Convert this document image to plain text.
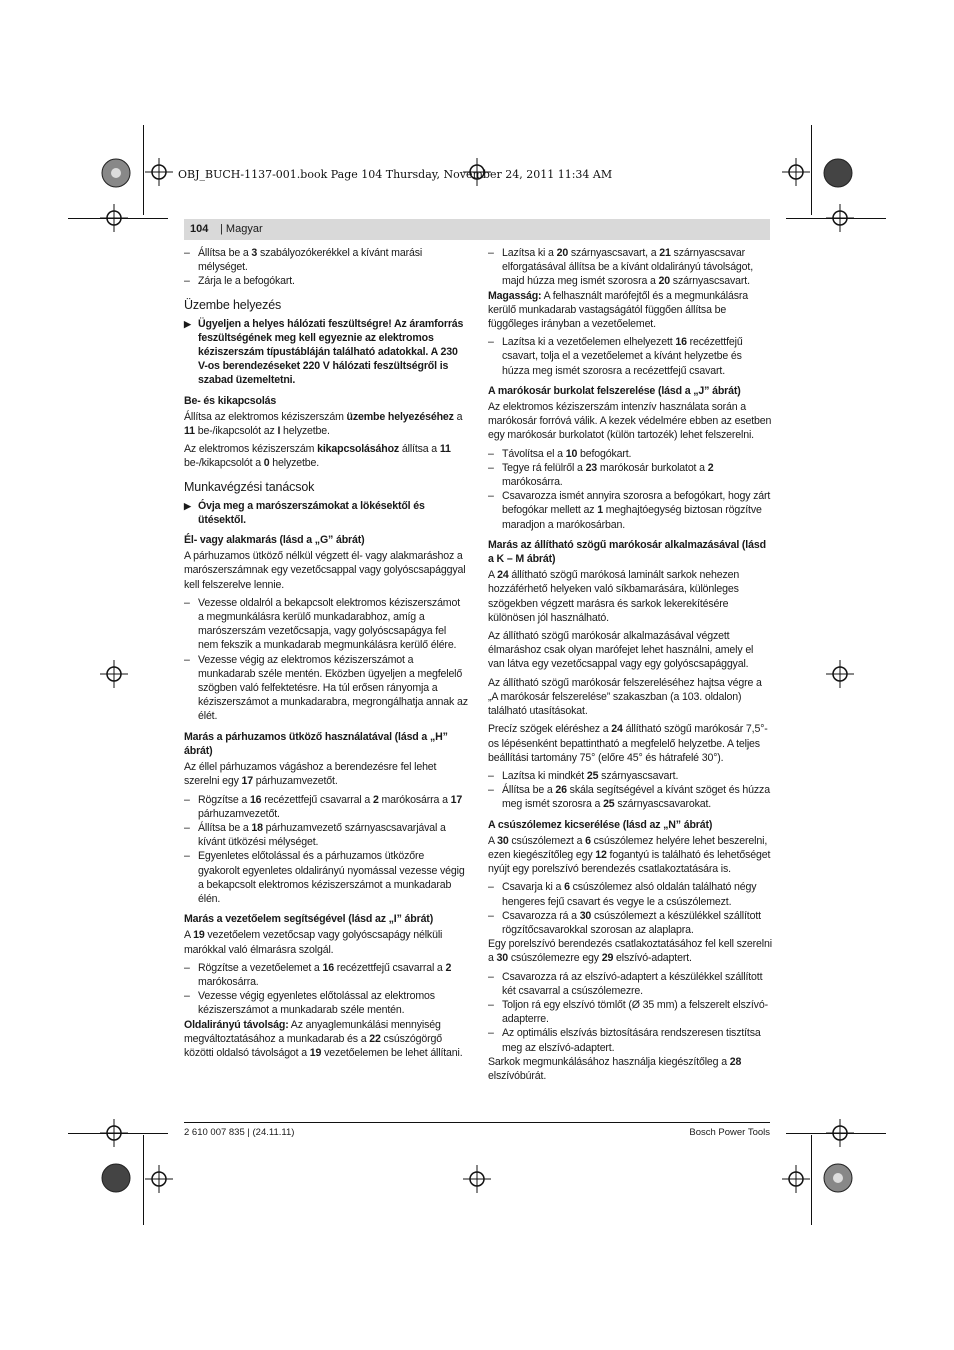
OBJ_BUCH-1137-001.book Page 104 Thursday, November 24, 2011 11:34 AM
104 | Magyar
– Állítsa be a 3 szabályozókerékkel a kívánt marási mélységet.
– Zárja le a befogókart.
Üzembe helyezés
▶ Ügyeljen a helyes hálózati feszültségre! Az áramforrás feszültségének meg kell egyeznie az elektromos kéziszerszám típustábláján található adatokkal. A 230 V-os berendezéseket 220 V hálózati feszültségről is szabad üzemeltetni.
Be- és kikapcsolás

Állítsa az elektromos kéziszerszám üzembe helyezéséhez a 11 be-/ikapcsolót az I helyzetbe.

Az elektromos kéziszerszám kikapcsolásához állítsa a 11 be-/kikapcsolót a 0 helyzetbe.

Munkavégzési tanácsok
▶ Óvja meg a marószerszámokat a lökésektől és ütésektől.
Él- vagy alakmarás (lásd a „G” ábrát)

A párhuzamos ütköző nélkül végzett él- vagy alakmaráshoz a marószerszámnak egy vezetőcsappal vagy golyóscsapággyal kell felszerelve lennie.

– Vezesse oldalról a bekapcsolt elektromos kéziszerszámot a megmunkálásra kerülő munkadarabhoz, amíg a marószerszám vezetőcsapja, vagy golyóscsapágya fel nem fekszik a munkadarab megmunkálásra kerülő élére.
– Vezesse végig az elektromos kéziszerszámot a munkadarab széle mentén. Eközben ügyeljen a megfelelő szögben való felfektetésre. Ha túl erősen rányomja a kéziszerszámot a munkadarabra, megrongálhatja annak az élét.
Marás a párhuzamos ütköző használatával (lásd a „H” ábrát)

Az éllel párhuzamos vágáshoz a berendezésre fel lehet szerelni egy 17 párhuzamvezetőt.

– Rögzítse a 16 recézettfejű csavarral a 2 marókosárra a 17 párhuzamvezetőt.
– Állítsa be a 18 párhuzamvezető szárnyascsavarjával a kívánt ütközési mélységet.
– Egyenletes előtolással és a párhuzamos ütközőre gyakorolt egyenletes oldalirányú nyomással vezesse végig a bekapcsolt elektromos kéziszerszámot a munkadarab élén.
Marás a vezetőelem segítségével (lásd az „I” ábrát)

A 19 vezetőelem vezetőcsap vagy golyóscsapágy nélküli marókkal való élmarásra szolgál.

– Rögzítse a vezetőelemet a 16 recézettfejű csavarral a 2 marókosárra.
– Vezesse végig egyenletes előtolással az elektromos kéziszerszámot a munkadarab széle mentén.

Oldalirányú távolság: Az anyaglemunkálási mennyiség megváltoztatásához a munkadarab és a 22 csúszógörgő közötti oldalsó távolságot a 19 vezetőelemen be lehet állítani.

– Lazítsa ki a 20 szárnyascsavart, a 21 szárnyascsavar elforgatásával állítsa be a kívánt oldalirányú távolságot, majd húzza meg ismét szorosra a 20 szárnyascsavart.

Magasság: A felhasznált marófejtől és a megmunkálásra kerülő munkadarab vastagságától függően állítsa be függőleges irányban a vezetőelemet.

– Lazítsa ki a vezetőelemen elhelyezett 16 recézettfejű csavart, tolja el a vezetőelemet a kívánt helyzetbe és húzza meg ismét szorosra a recézettfejű csavart.
A marókosár burkolat felszerelése (lásd a „J” ábrát)

Az elektromos kéziszerszám intenzív használata során a marókosár forróvá válik. A kezek védelmére ebben az esetben egy marókosár burkolatot (külön tartozék) lehet felszerelni.

– Távolítsa el a 10 befogókart.
– Tegye rá felülről a 23 marókosár burkolatot a 2 marókosárra.
– Csavarozza ismét annyira szorosra a befogókart, hogy zárt befogókar mellett az 1 meghajtóegység biztosan rögzítve maradjon a marókosárban.
Marás az állítható szögű marókosár alkalmazásával (lásd a K – M ábrát)

A 24 állítható szögű marókosá laminált sarkok nehezen hozzáférhető helyeken való síkbamarására, különleges szögekben végzett marásra és sarkok lekerekítésére különösen jól használható.

Az állítható szögű marókosár alkalmazásával végzett élmaráshoz csak olyan marófejet lehet használni, amely el van látva egy vezetőcsappal vagy egy golyóscsapággyal.

Az állítható szögű marókosár felszereléséhez hajtsa végre a „A marókosár felszerelése” szakaszban (a 103. oldalon) található utasításokat.

Precíz szögek eléréshez a 24 állítható szögű marókosár 7,5°-os lépésenként bepattintható a megfelelő helyzetbe. A teljes beállítási tartomány 75° (előre 45° és hátrafelé 30°).

– Lazítsa ki mindkét 25 szárnyascsavart.
– Állítsa be a 26 skála segítségével a kívánt szöget és húzza meg ismét szorosra a 25 szárnyascsavarokat.
A csúszólemez kicserélése (lásd az „N” ábrát)

A 30 csúszólemezt a 6 csúszólemez helyére lehet beszerelni, ezen kiegészítőleg egy 12 fogantyú is található és lehetőséget nyújt egy porelszívó berendezés csatlakoztatására is.

– Csavarja ki a 6 csúszólemez alsó oldalán található négy hengeres fejű csavart és vegye le a csúszólemezt.
– Csavarozza rá a 30 csúszólemezt a készülékkel szállított rögzítőcsavarokkal szorosan az alaplapra.

Egy porelszívó berendezés csatlakoztatásához fel kell szerelni a 30 csúszólemezre egy 29 elszívó-adaptert.

– Csavarozza rá az elszívó-adaptert a készülékkel szállított két csavarral a csúszólemezre.
– Toljon rá egy elszívó tömlőt (Ø 35 mm) a felszerelt elszívó-adapterre.
– Az optimális elszívás biztosítására rendszeresen tisztítsa meg az elszívó-adaptert.

Sarkok megmunkálásához használja kiegészítőleg a 28 elszívóbúrát.

2 610 007 835 | (24.11.11)	Bosch Power Tools
